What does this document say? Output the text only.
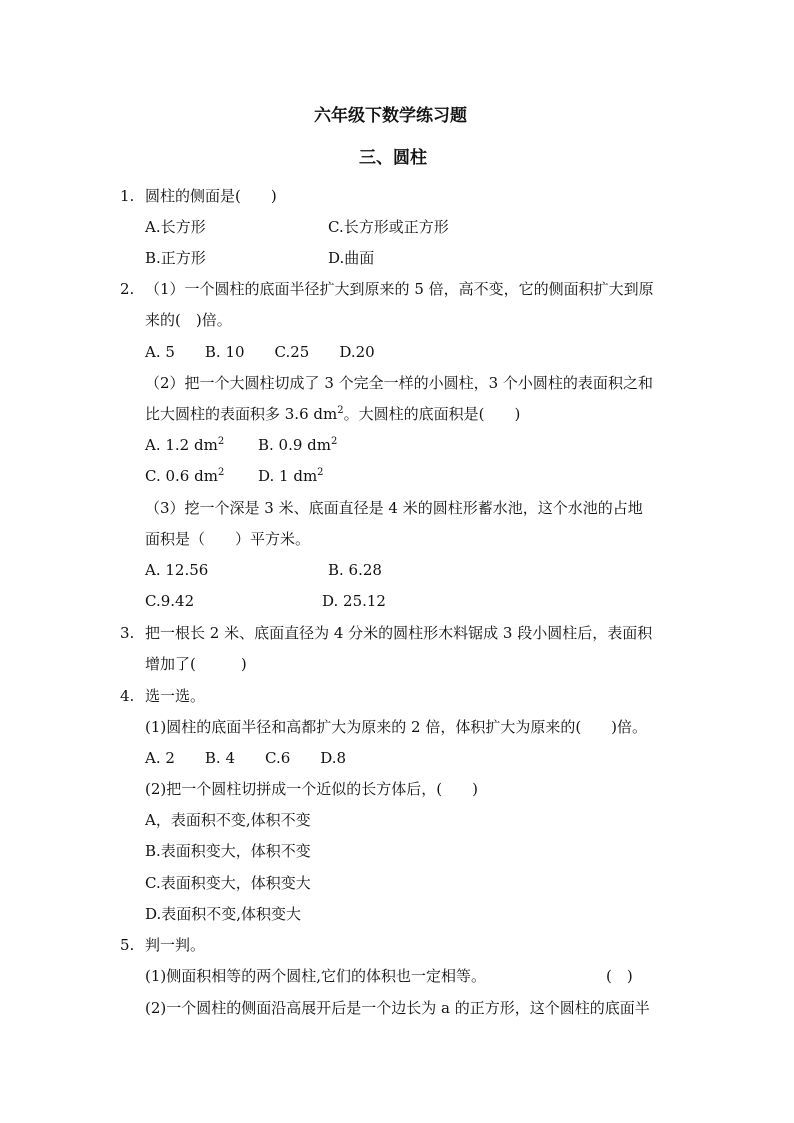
六年级下数学练习题
三、圆柱
1. 圆柱的侧面是(　　)
A.长方形	C.长方形或正方形
B.正方形	D.曲面
2. （1）一个圆柱的底面半径扩大到原来的 5 倍，高不变，它的侧面积扩大到原
来的(　)倍。
A. 5　　B. 10　　C.25　　D.20
（2）把一个大圆柱切成了 3 个完全一样的小圆柱，3 个小圆柱的表面积之和
比大圆柱的表面积多 3.6 $dm^2$。大圆柱的底面积是(　　)
A. 1.2 $dm^2$ B. 0.9 $dm^2$
C. 0.6 $dm^2$ D. 1 $dm^2$
（3）挖一个深是 3 米、底面直径是 4 米的圆柱形蓄水池，这个水池的占地
面积是（　　）平方米。
A. 12.56	B. 6.28
C.9.42	D. 25.12
3. 把一根长 2 米、底面直径为 4 分米的圆柱形木料锯成 3 段小圆柱后，表面积
增加了(　　　)
4. 选一选。
(1)圆柱的底面半径和高都扩大为原来的 2 倍，体积扩大为原来的(　　)倍。
A. 2　　B. 4　　C.6　　D.8
(2)把一个圆柱切拼成一个近似的长方体后，(　　)
A，表面积不变,体积不变
B.表面积变大，体积不变
C.表面积变大，体积变大
D.表面积不变,体积变大
5. 判一判。
(1)侧面积相等的两个圆柱,它们的体积也一定相等。	(　)
(2)一个圆柱的侧面沿高展开后是一个边长为 a 的正方形，这个圆柱的底面半
